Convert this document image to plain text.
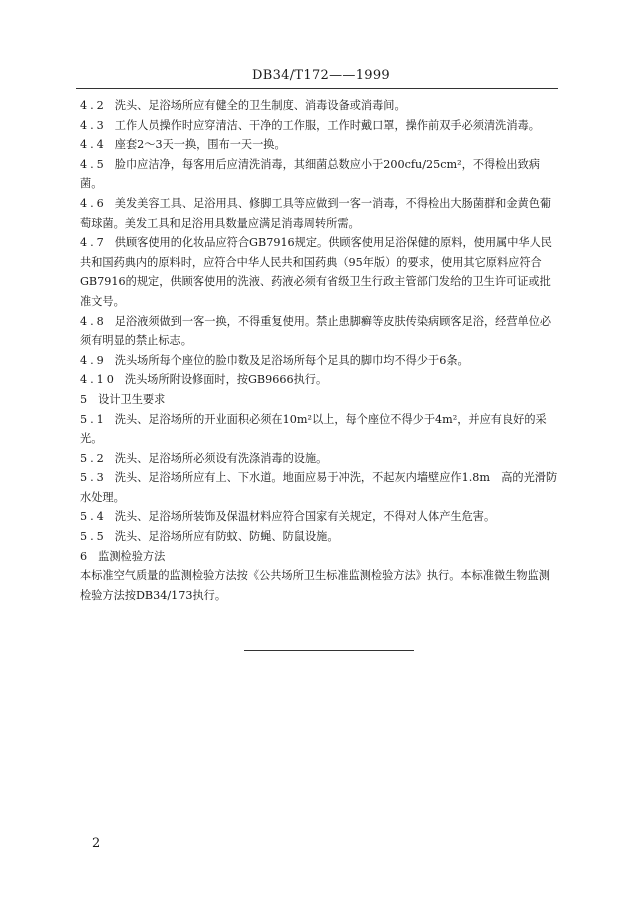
DB34/T172——1999

4.2 洗头、足浴场所应有健全的卫生制度、消毒设备或消毒间。

4.3 工作人员操作时应穿清洁、干净的工作服，工作时戴口罩，操作前双手必须清洗消毒。

4.4 座套2～3天一换，围布一天一换。

4.5 脸巾应洁净，每客用后应清洗消毒，其细菌总数应小于200cfu/25cm²，不得检出致病菌。

4.6 美发美容工具、足浴用具、修脚工具等应做到一客一消毒，不得检出大肠菌群和金黄色葡萄球菌。美发工具和足浴用具数量应满足消毒周转所需。

4.7 供顾客使用的化妆品应符合GB7916规定。供顾客使用足浴保健的原料，使用属中华人民共和国药典内的原料时，应符合中华人民共和国药典（95年版）的要求，使用其它原料应符合GB7916的规定，供顾客使用的洗液、药液必须有省级卫生行政主管部门发给的卫生许可证或批准文号。

4.8 足浴液须做到一客一换，不得重复使用。禁止患脚癣等皮肤传染病顾客足浴，经营单位必须有明显的禁止标志。

4.9 洗头场所每个座位的脸巾数及足浴场所每个足具的脚巾均不得少于6条。

4.10 洗头场所附设修面时，按GB9666执行。

5 设计卫生要求

5.1 洗头、足浴场所的开业面积必须在10m²以上，每个座位不得少于4m²，并应有良好的采光。

5.2 洗头、足浴场所必须设有洗涤消毒的设施。

5.3 洗头、足浴场所应有上、下水道。地面应易于冲洗，不起灰内墙壁应作1.8m　高的光滑防水处理。

5.4 洗头、足浴场所装饰及保温材料应符合国家有关规定，不得对人体产生危害。

5.5 洗头、足浴场所应有防蚊、防蝇、防鼠设施。

6 监测检验方法

本标准空气质量的监测检验方法按《公共场所卫生标准监测检验方法》执行。本标准微生物监测检验方法按DB34/173执行。

2
